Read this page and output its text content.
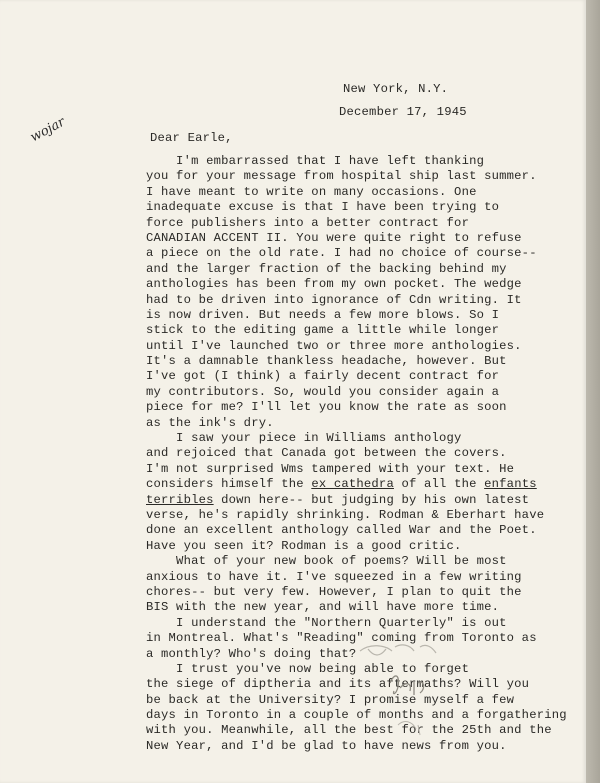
New York, N.Y.
December 17, 1945
wojar	Dear Earle,
I'm embarrassed that I have left thanking
you for your message from hospital ship last summer.
I have meant to write on many occasions. One
inadequate excuse is that I have been trying to
force publishers into a better contract for
CANADIAN ACCENT II. You were quite right to refuse
a piece on the old rate. I had no choice of course--
and the larger fraction of the backing behind my
anthologies has been from my own pocket. The wedge
had to be driven into ignorance of Cdn writing. It
is now driven. But needs a few more blows. So I
stick to the editing game a little while longer
until I've launched two or three more anthologies.
It's a damnable thankless headache, however. But
I've got (I think) a fairly decent contract for
my contributors. So, would you consider again a
piece for me? I'll let you know the rate as soon
as the ink's dry.
I saw your piece in Williams anthology
and rejoiced that Canada got between the covers.
I'm not surprised Wms tampered with your text. He
considers himself the ex cathedra of all the enfants
terribles down here-- but judging by his own latest
verse, he's rapidly shrinking. Rodman & Eberhart have
done an excellent anthology called War and the Poet.
Have you seen it? Rodman is a good critic.
What of your new book of poems? Will be most
anxious to have it. I've squeezed in a few writing
chores-- but very few. However, I plan to quit the
BIS with the new year, and will have more time.
I understand the "Northern Quarterly" is out
in Montreal. What's "Reading" coming from Toronto as
a monthly? Who's doing that?
I trust you've now being able to forget
the siege of diptheria and its aftermaths? Will you
be back at the University? I promise myself a few
days in Toronto in a couple of months and a forgathering
with you. Meanwhile, all the best for the 25th and the
New Year, and I'd be glad to have news from you.
